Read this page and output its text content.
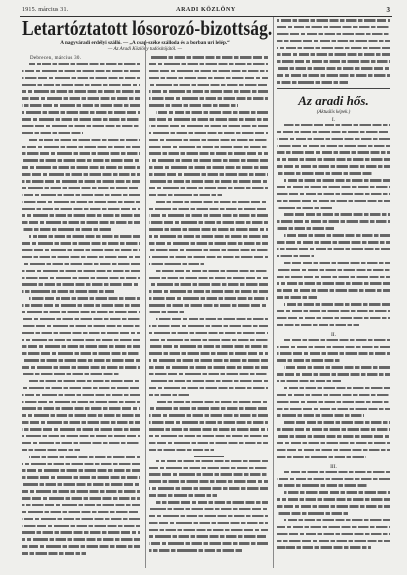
1915. március 31.	ARADI KÖZLÖNY	3
Letartóztatott lósorozó-bizottság.
A nagyváradi erdélyi szálló. — „A csap-széke szálloda és a borban uri lelép.“
— Az Aradi Közlöny tudósítójától. —
Debrecen, március 30.
Az aradi hős.
(Aktuális képek.)
I.
II.
III.
